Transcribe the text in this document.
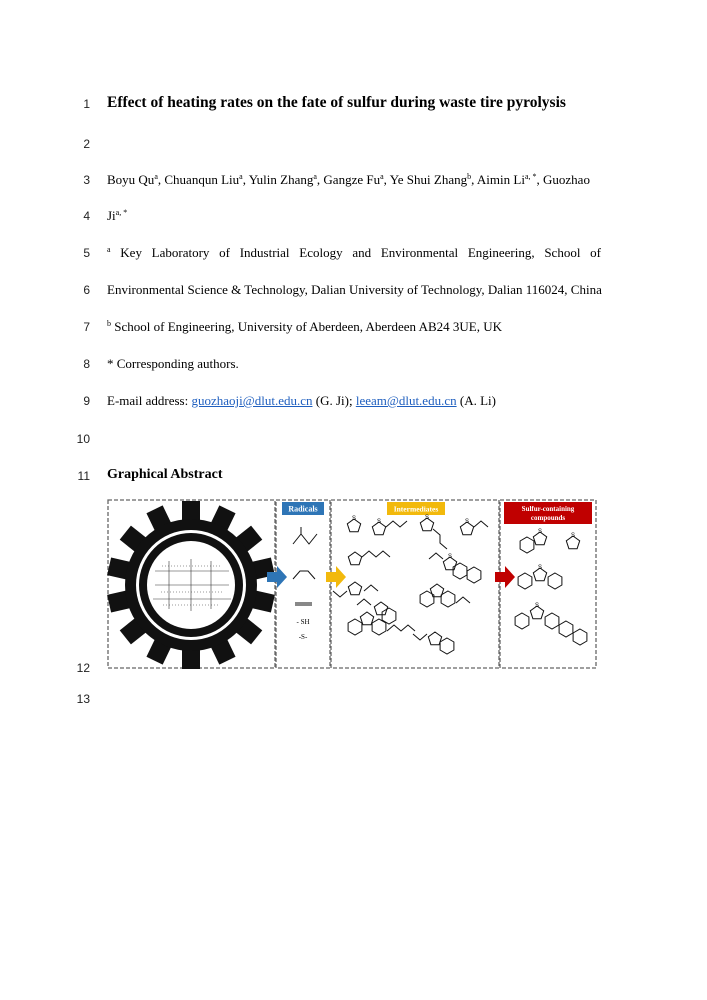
1
2
3
4
5
6
7
8
9
10
11
12
13
Effect of heating rates on the fate of sulfur during waste tire pyrolysis
Boyu Qu$^a$, Chuanqun Liu$^a$, Yulin Zhang$^a$, Gangze Fu$^a$, Ye Shui Zhang$^b$, Aimin $Li^{a, *}$, Guozhao
$Ji^{a, *}$
$^a$ Key Laboratory of Industrial Ecology and Environmental Engineering, School of
Environmental Science & Technology, Dalian University of Technology, Dalian 116024, China
$^b$ School of Engineering, University of Aberdeen, Aberdeen AB24 3UE, UK
* Corresponding authors.
E-mail address: guozhaoji@dlut.edu.cn (G. Ji); leeam@dlut.edu.cn (A. Li)
Graphical Abstract
Radicals	Intermediates	Sulfur-containing
compounds
- SH
-S-
S	S
S
S
S
S
S
S
S
